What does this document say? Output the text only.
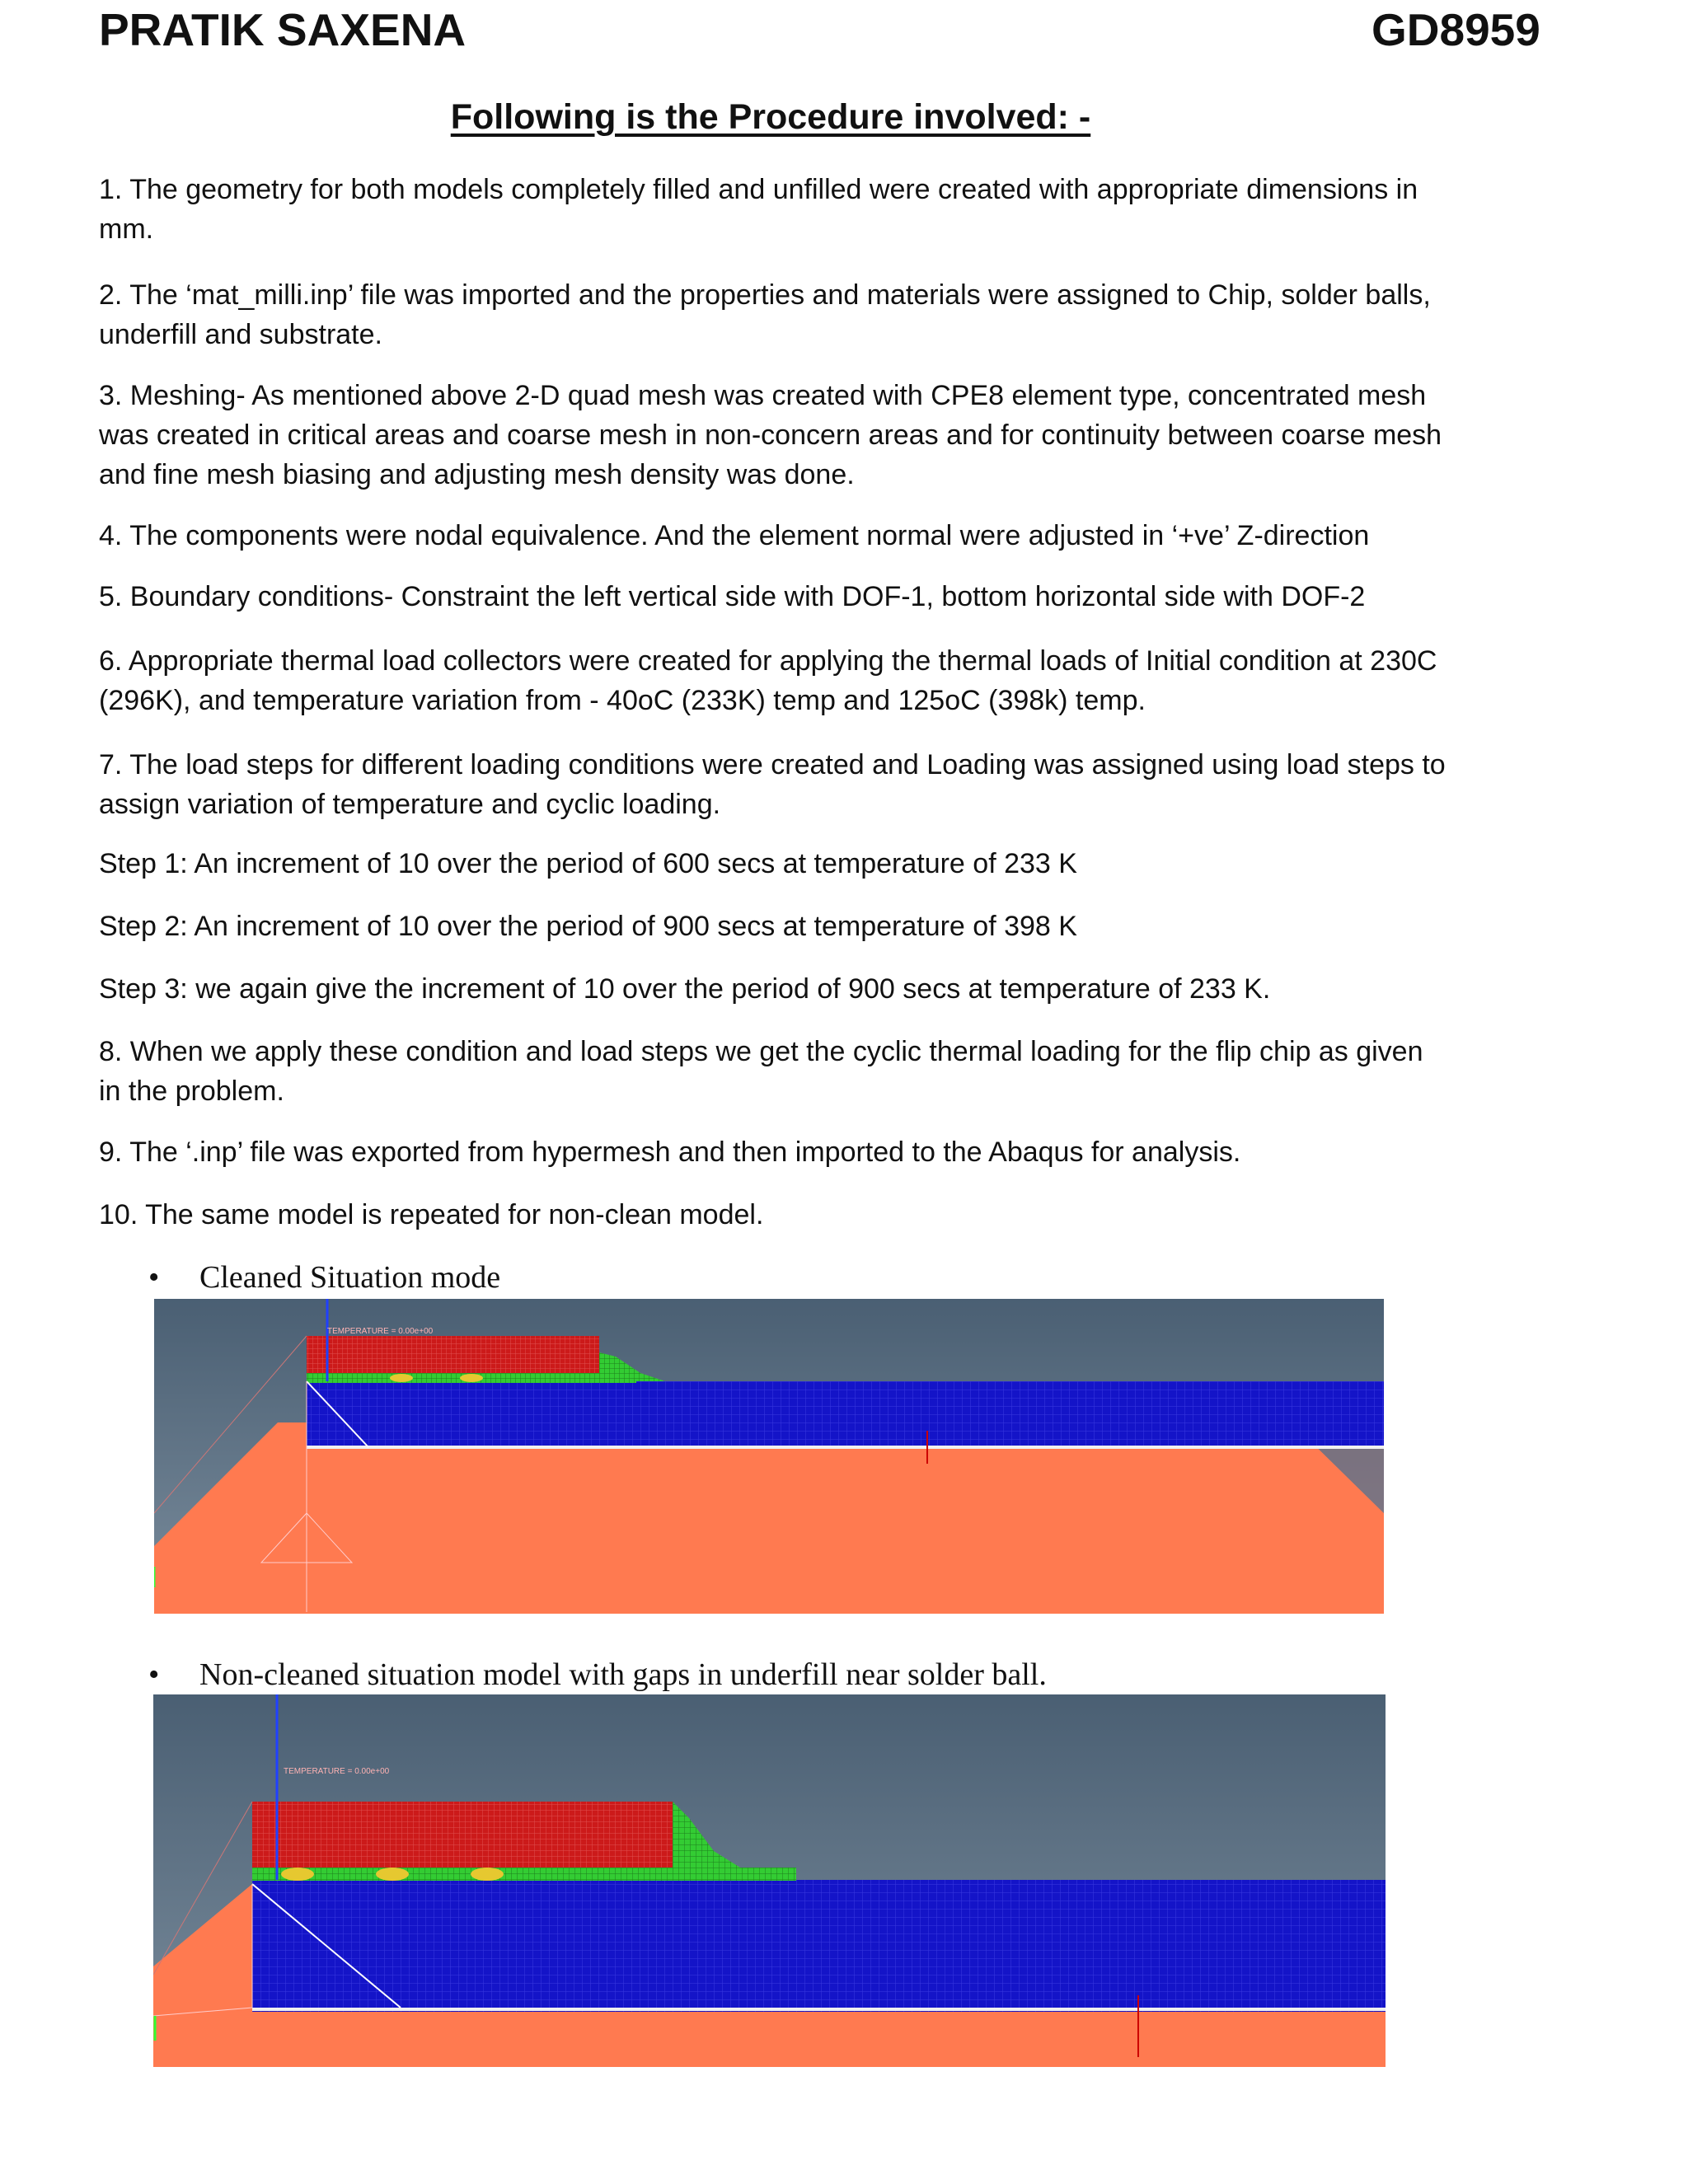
PRATIK SAXENA	GD8959
Following is the Procedure involved: -
1. The geometry for both models completely filled and unfilled were created with appropriate dimensions in mm.
2. The ‘mat_milli.inp’ file was imported and the properties and materials were assigned to Chip, solder balls, underfill and substrate.
3. Meshing- As mentioned above 2-D quad mesh was created with CPE8 element type, concentrated mesh was created in critical areas and coarse mesh in non-concern areas and for continuity between coarse mesh and fine mesh biasing and adjusting mesh density was done.
4. The components were nodal equivalence. And the element normal were adjusted in ‘+ve’ Z-direction
5. Boundary conditions- Constraint the left vertical side with DOF-1, bottom horizontal side with DOF-2
6. Appropriate thermal load collectors were created for applying the thermal loads of Initial condition at 230C (296K), and temperature variation from - 40oC (233K) temp and 125oC (398k) temp.
7. The load steps for different loading conditions were created and Loading was assigned using load steps to assign variation of temperature and cyclic loading.
Step 1: An increment of 10 over the period of 600 secs at temperature of 233 K
Step 2: An increment of 10 over the period of 900 secs at temperature of 398 K
Step 3: we again give the increment of 10 over the period of 900 secs at temperature of 233 K.
8. When we apply these condition and load steps we get the cyclic thermal loading for the flip chip as given in the problem.
9. The ‘.inp’ file was exported from hypermesh and then imported to the Abaqus for analysis.
10. The same model is repeated for non-clean model.
• Cleaned Situation mode
TEMPERATURE = 0.00e+00
• Non-cleaned situation model with gaps in underfill near solder ball.
TEMPERATURE = 0.00e+00
